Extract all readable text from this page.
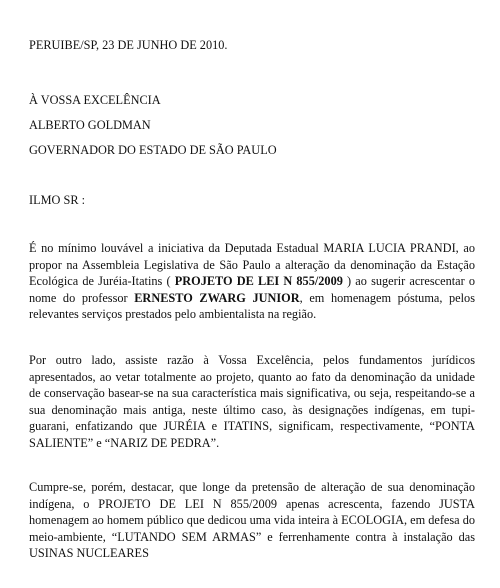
PERUIBE/SP, 23 DE JUNHO DE 2010.
À VOSSA EXCELÊNCIA
ALBERTO GOLDMAN
GOVERNADOR DO ESTADO DE SÃO PAULO
ILMO SR :

É no mínimo louvável a iniciativa da Deputada Estadual MARIA LUCIA PRANDI, ao propor na Assembleia Legislativa de São Paulo a alteração da denominação da Estação Ecológica de Juréia-Itatins ( PROJETO DE LEI N 855/2009 ) ao sugerir acrescentar o nome do professor ERNESTO ZWARG JUNIOR, em homenagem póstuma, pelos relevantes serviços prestados pelo ambientalista na região.

Por outro lado, assiste razão à Vossa Excelência, pelos fundamentos jurídicos apresentados, ao vetar totalmente ao projeto, quanto ao fato da denominação da unidade de conservação basear-se na sua característica mais significativa, ou seja, respeitando-se a sua denominação mais antiga, neste último caso, às designações indígenas, em tupi-guarani, enfatizando que JURÉIA e ITATINS, significam, respectivamente, “PONTA SALIENTE” e “NARIZ DE PEDRA”.

Cumpre-se, porém, destacar, que longe da pretensão de alteração de sua denominação indígena, o PROJETO DE LEI N 855/2009 apenas acrescenta, fazendo JUSTA homenagem ao homem público que dedicou uma vida inteira à ECOLOGIA, em defesa do meio-ambiente, “LUTANDO SEM ARMAS” e ferrenhamente contra à instalação das USINAS NUCLEARES
